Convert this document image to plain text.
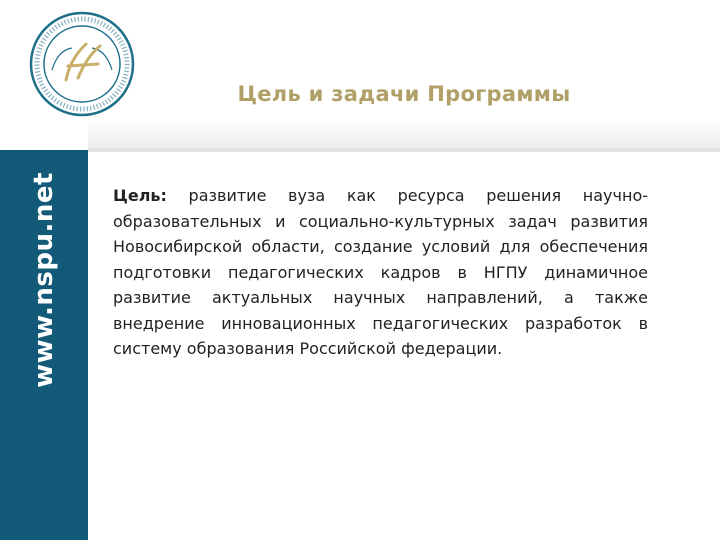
www.nspu.net
Цель и задачи Программы
Цель: развитие вуза как ресурса решения научно-образовательных и социально-культурных задач развития Новосибирской области, создание условий для обеспечения подготовки педагогических кадров в НГПУ динамичное развитие актуальных научных направлений, а также внедрение инновационных педагогических разработок в систему образования Российской федерации.
